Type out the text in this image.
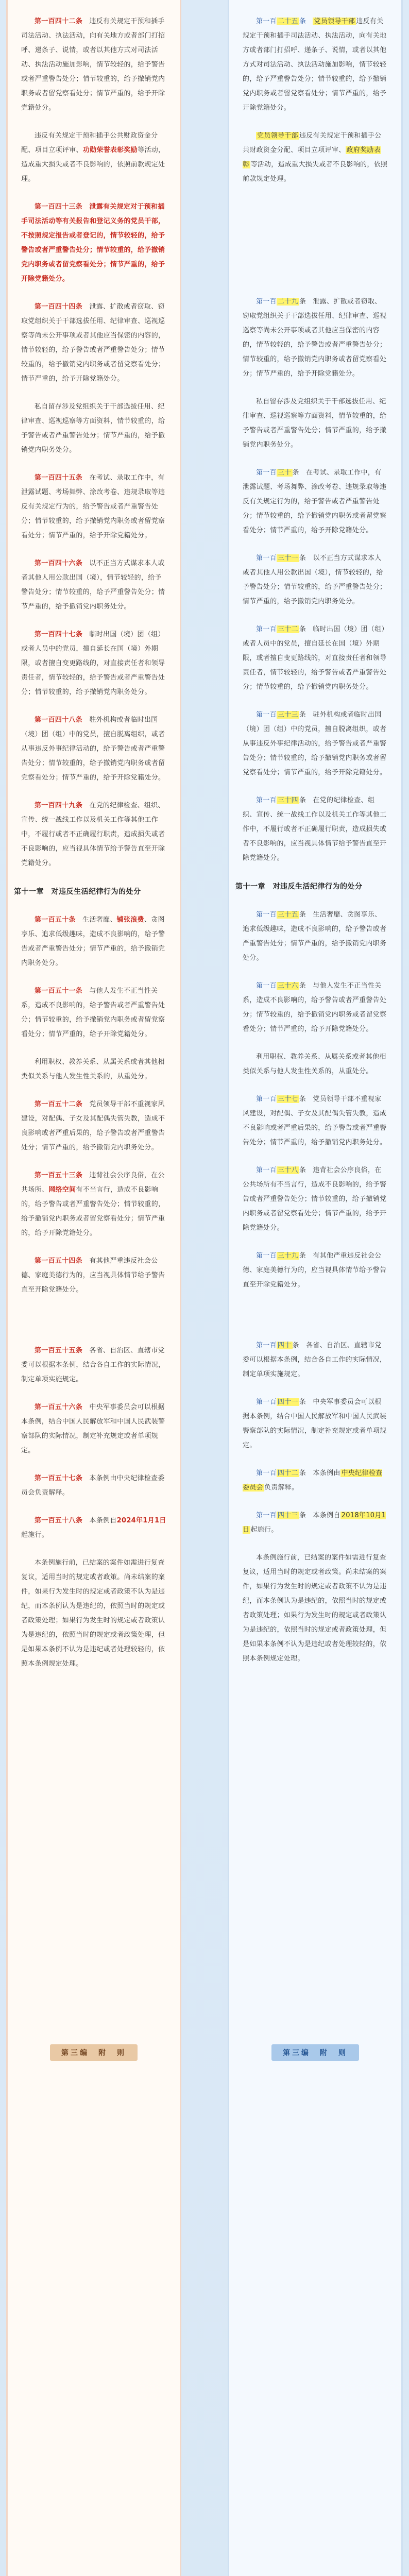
第一百四十二条　 违反有关规定干预和插手司法活动、执法活动，向有关地方或者部门打招呼、递条子、说情，或者以其他方式对司法活动、执法活动施加影响，情节较轻的，给予警告或者严重警告处分；情节较重的，给予撤销党内职务或者留党察看处分；情节严重的，给予开除党籍处分。

违反有关规定干预和插手公共财政资金分配、项目立项评审、功勋荣誉表彰奖励等活动，造成重大损失或者不良影响的，依照前款规定处理。

第一百四十三条　泄露有关规定对于预和插手司法活动等有关报告和登记义务的党员干部，不按照规定报告或者登记的，情节较轻的，给予警告或者严重警告处分；情节较重的，给予撤销党内职务或者留党察看处分；情节严重的，给予开除党籍处分。

第一百四十四条　 泄露、扩散或者窃取、窃取党组织关于干部选拔任用、纪律审查、巡视巡察等尚未公开事项或者其他应当保密的内容的，情节较轻的，给予警告或者严重警告处分；情节较重的，给予撤销党内职务或者留党察看处分；情节严重的，给予开除党籍处分。

私自留存涉及党组织关于干部选拔任用、纪律审查、巡视巡察等方面资料，情节较重的，给予警告或者严重警告处分；情节严重的，给予撤销党内职务处分。

第一百四十五条　 在考试、录取工作中，有泄露试题、考场舞弊、涂改考卷、违规录取等违反有关规定行为的，给予警告或者严重警告处分；情节较重的，给予撤销党内职务或者留党察看处分；情节严重的，给予开除党籍处分。

第一百四十六条　 以不正当方式谋求本人或者其他人用公款出国（境），情节较轻的，给予警告处分；情节较重的，给予严重警告处分；情节严重的，给予撤销党内职务处分。

第一百四十七条　 临时出国（境）团（组）或者人员中的党员，擅自延长在国（境）外期限，或者擅自变更路线的，对直接责任者和领导责任者，情节较轻的，给予警告或者严重警告处分；情节较重的，给予撤销党内职务处分。

第一百四十八条　 驻外机构或者临时出国（境）团（组）中的党员，擅自脱离组织，或者从事违反外事纪律活动的，给予警告或者严重警告处分；情节较重的，给予撤销党内职务或者留党察看处分；情节严重的，给予开除党籍处分。

第一百四十九条　 在党的纪律检查、组织、宣传、统一战线工作以及机关工作等其他工作中，不履行或者不正确履行职责，造成损失或者不良影响的，应当视具体情节给予警告直至开除党籍处分。

第十一章　对违反生活纪律行为的处分

第一百五十条　 生活奢靡、铺张浪费、贪图享乐、追求低级趣味，造成不良影响的，给予警告或者严重警告处分；情节严重的，给予撤销党内职务处分。

第一百五十一条　 与他人发生不正当性关系，造成不良影响的，给予警告或者严重警告处分；情节较重的，给予撤销党内职务或者留党察看处分；情节严重的，给予开除党籍处分。

利用职权、教养关系、从属关系或者其他相类似关系与他人发生性关系的，从重处分。

第一百五十二条　 党员领导干部不重视家风建设，对配偶、子女及其配偶失管失教，造成不良影响或者严重后果的，给予警告或者严重警告处分；情节严重的，给予撤销党内职务处分。

第一百五十三条　 违背社会公序良俗，在公共场所、网络空间有不当言行，造成不良影响的，给予警告或者严重警告处分；情节较重的，给予撤销党内职务或者留党察看处分；情节严重的，给予开除党籍处分。

第一百五十四条　 有其他严重违反社会公德、家庭美德行为的，应当视具体情节给予警告直至开除党籍处分。

第一百五十五条　 各省、自治区、直辖市党委可以根据本条例，结合各自工作的实际情况，制定单项实施规定。

第一百五十六条　 中央军事委员会可以根据本条例，结合中国人民解放军和中国人民武装警察部队的实际情况，制定补充规定或者单项规定。

第一百五十七条　 本条例由中央纪律检查委员会负责解释。

第一百五十八条　 本条例自2024年1月1日起施行。

本条例施行前，已结案的案件如需进行复查复议，适用当时的规定或者政策。尚未结案的案件，如果行为发生时的规定或者政策不认为是违纪，而本条例认为是违纪的，依照当时的规定或者政策处理；如果行为发生时的规定或者政策认为是违纪的，依照当时的规定或者政策处理，但是如果本条例不认为是违纪或者处理较轻的，依照本条例规定处理。

第一百 二十五 条　党员领导干部 违反有关规定干预和插手司法活动、执法活动，向有关地方或者部门打招呼、递条子、说情，或者以其他方式对司法活动、执法活动施加影响，情节较轻的，给予严重警告处分；情节较重的，给予撤销党内职务或者留党察看处分；情节严重的，给予开除党籍处分。

党员领导干部 违反有关规定干预和插手公共财政资金分配、项目立项评审、 政府奖励表彰 等活动，造成重大损失或者不良影响的，依照前款规定处理。

第一百 二十九 条　泄露、扩散或者窃取、窃取党组织关于干部选拔任用、纪律审查、巡视巡察等尚未公开事项或者其他应当保密的内容的，情节较轻的，给予警告或者严重警告处分；情节较重的，给予撤销党内职务或者留党察看处分；情节严重的，给予开除党籍处分。

私自留存涉及党组织关于干部选拔任用、纪律审查、巡视巡察等方面资料，情节较重的，给予警告或者严重警告处分；情节严重的，给予撤销党内职务处分。

第一百 三十 条　在考试、录取工作中，有泄露试题、考场舞弊、涂改考卷、违规录取等违反有关规定行为的，给予警告或者严重警告处分；情节较重的，给予撤销党内职务或者留党察看处分；情节严重的，给予开除党籍处分。

第一百 三十一 条　以不正当方式谋求本人或者其他人用公款出国（境），情节较轻的，给予警告处分；情节较重的，给予严重警告处分；情节严重的，给予撤销党内职务处分。

第一百 三十二 条　临时出国（境）团（组）或者人员中的党员，擅自延长在国（境）外期限，或者擅自变更路线的，对直接责任者和领导责任者，情节较轻的，给予警告或者严重警告处分；情节较重的，给予撤销党内职务处分。

第一百 三十三 条　驻外机构或者临时出国（境）团（组）中的党员，擅自脱离组织，或者从事违反外事纪律活动的，给予警告或者严重警告处分；情节较重的，给予撤销党内职务或者留党察看处分；情节严重的，给予开除党籍处分。

第一百 三十四 条　在党的纪律检查、组织、宣传、统一战线工作以及机关工作等其他工作中，不履行或者不正确履行职责，造成损失或者不良影响的，应当视具体情节给予警告直至开除党籍处分。

第十一章　对违反生活纪律行为的处分

第一百 三十五 条　生活奢靡、贪图享乐、追求低级趣味，造成不良影响的，给予警告或者严重警告处分；情节严重的，给予撤销党内职务处分。

第一百 三十六 条　与他人发生不正当性关系，造成不良影响的，给予警告或者严重警告处分；情节较重的，给予撤销党内职务或者留党察看处分；情节严重的，给予开除党籍处分。

利用职权、教养关系、从属关系或者其他相类似关系与他人发生性关系的，从重处分。

第一百 三十七 条　党员领导干部不重视家风建设，对配偶、子女及其配偶失管失教，造成不良影响或者严重后果的，给予警告或者严重警告处分；情节严重的，给予撤销党内职务处分。

第一百 三十八 条　违背社会公序良俗，在公共场所有不当言行，造成不良影响的，给予警告或者严重警告处分；情节较重的，给予撤销党内职务或者留党察看处分；情节严重的，给予开除党籍处分。

第一百 三十九 条　有其他严重违反社会公德、家庭美德行为的，应当视具体情节给予警告直至开除党籍处分。

第一百 四十 条　各省、自治区、直辖市党委可以根据本条例，结合各自工作的实际情况，制定单项实施规定。

第一百 四十一 条　中央军事委员会可以根据本条例，结合中国人民解放军和中国人民武装警察部队的实际情况，制定补充规定或者单项规定。

第一百 四十二 条　本条例由 中央纪律检查委员会 负责解释。

第一百 四十三 条　本条例自 2018年10月1日 起施行。

本条例施行前，已结案的案件如需进行复查复议，适用当时的规定或者政策。尚未结案的案件，如果行为发生时的规定或者政策不认为是违纪，而本条例认为是违纪的，依照当时的规定或者政策处理；如果行为发生时的规定或者政策认为是违纪的，依照当时的规定或者政策处理，但是如果本条例不认为是违纪或者处理较轻的，依照本条例规定处理。

第三编　附　则	第三编　附　则
